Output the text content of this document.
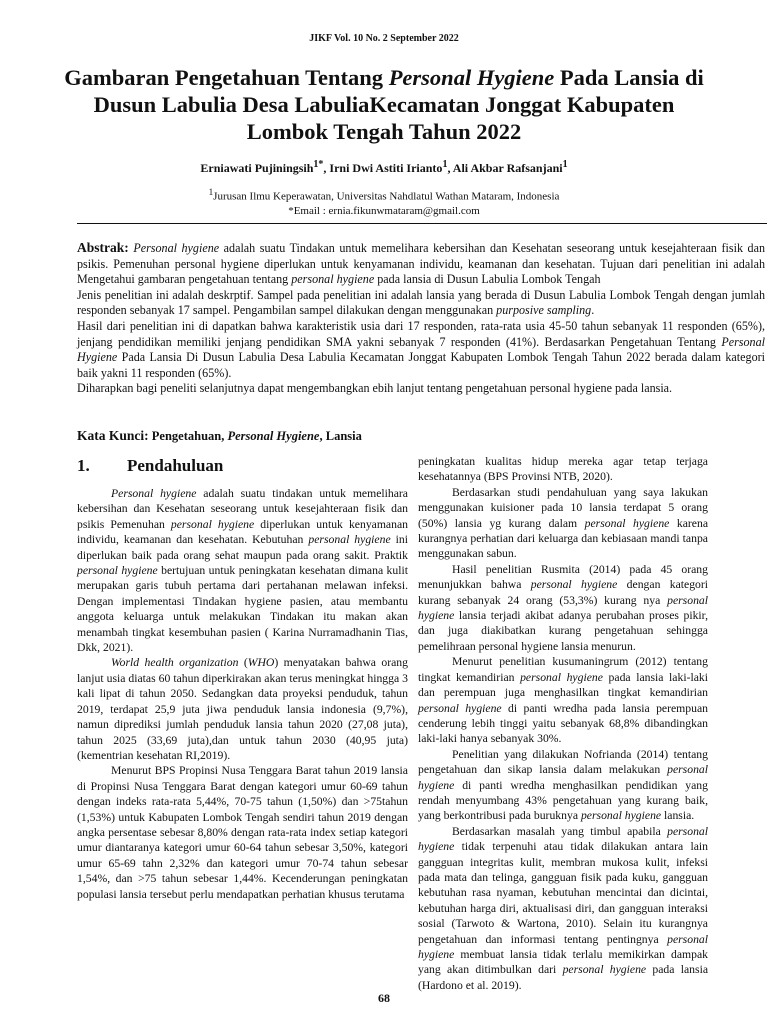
JIKF Vol. 10 No. 2 September 2022
Gambaran Pengetahuan Tentang Personal Hygiene Pada Lansia di Dusun Labulia Desa LabuliaKecamatan Jonggat Kabupaten Lombok Tengah Tahun 2022
Erniawati Pujiningsih$^{1*}$, Irni Dwi Astiti Irianto$^1$, Ali Akbar Rafsanjani$^1$
$^1$Jurusan Ilmu Keperawatan, Universitas Nahdlatul Wathan Mataram, Indonesia
*Email : ernia.fikunwmataram@gmail.com

Abstrak: Personal hygiene adalah suatu Tindakan untuk memelihara kebersihan dan Kesehatan seseorang untuk kesejahteraan fisik dan psikis. Pemenuhan personal hygiene diperlukan untuk kenyamanan individu, keamanan dan kesehatan. Tujuan dari penelitian ini adalah Mengetahui gambaran pengetahuan tentang personal hygiene pada lansia di Dusun Labulia Lombok Tengah

Jenis penelitian ini adalah deskrptif. Sampel pada penelitian ini adalah lansia yang berada di Dusun Labulia Lombok Tengah dengan jumlah responden sebanyak 17 sampel. Pengambilan sampel dilakukan dengan menggunakan purposive sampling.

Hasil dari penelitian ini di dapatkan bahwa karakteristik usia dari 17 responden, rata-rata usia 45-50 tahun sebanyak 11 responden (65%), jenjang pendidikan memiliki jenjang pendidikan SMA yakni sebanyak 7 responden (41%). Berdasarkan Pengetahuan Tentang Personal Hygiene Pada Lansia Di Dusun Labulia Desa Labulia Kecamatan Jonggat Kabupaten Lombok Tengah Tahun 2022 berada dalam kategori baik yakni 11 responden (65%).

Diharapkan bagi peneliti selanjutnya dapat mengembangkan ebih lanjut tentang pengetahuan personal hygiene pada lansia.

Kata Kunci: Pengetahuan, Personal Hygiene, Lansia
1. Pendahuluan

Personal hygiene adalah suatu tindakan untuk memelihara kebersihan dan Kesehatan seseorang untuk kesejahteraan fisik dan psikis Pemenuhan personal hygiene diperlukan untuk kenyamanan individu, keamanan dan kesehatan. Kebutuhan personal hygiene ini diperlukan baik pada orang sehat maupun pada orang sakit. Praktik personal hygiene bertujuan untuk peningkatan kesehatan dimana kulit merupakan garis tubuh pertama dari pertahanan melawan infeksi. Dengan implementasi Tindakan hygiene pasien, atau membantu anggota keluarga untuk melakukan Tindakan itu makan akan menambah tingkat kesembuhan pasien ( Karina Nurramadhanin Tias, Dkk, 2021).

World health organization (WHO) menyatakan bahwa orang lanjut usia diatas 60 tahun diperkirakan akan terus meningkat hingga 3 kali lipat di tahun 2050. Sedangkan data proyeksi penduduk, tahun 2019, terdapat 25,9 juta jiwa penduduk lansia indonesia (9,7%), namun diprediksi jumlah penduduk lansia tahun 2020 (27,08 juta), tahun 2025 (33,69 juta),dan untuk tahun 2030 (40,95 juta) (kementrian kesehatan RI,2019).

Menurut BPS Propinsi Nusa Tenggara Barat tahun 2019 lansia di Propinsi Nusa Tenggara Barat dengan kategori umur 60-69 tahun dengan indeks rata-rata 5,44%, 70-75 tahun (1,50%) dan >75tahun (1,53%) untuk Kabupaten Lombok Tengah sendiri tahun 2019 dengan angka persentase sebesar 8,80% dengan rata-rata index setiap kategori umur diantaranya kategori umur 60-64 tahun sebesar 3,50%, kategori umur 65-69 tahn 2,32% dan kategori umur 70-74 tahun sebesar 1,54%, dan >75 tahun sebesar 1,44%. Kecenderungan peningkatan populasi lansia tersebut perlu mendapatkan perhatian khusus terutama

peningkatan kualitas hidup mereka agar tetap terjaga kesehatannya (BPS Provinsi NTB, 2020).

Berdasarkan studi pendahuluan yang saya lakukan menggunakan kuisioner pada 10 lansia terdapat 5 orang (50%) lansia yg kurang dalam personal hygiene karena kurangnya perhatian dari keluarga dan kebiasaan mandi tanpa menggunakan sabun.

Hasil penelitian Rusmita (2014) pada 45 orang menunjukkan bahwa personal hygiene dengan kategori kurang sebanyak 24 orang (53,3%) kurang nya personal hygiene lansia terjadi akibat adanya perubahan proses pikir, dan juga diakibatkan kurang pengetahuan sehingga pemelihraan personal hygiene lansia menurun.

Menurut penelitian kusumaningrum (2012) tentang tingkat kemandirian personal hygiene pada lansia laki-laki dan perempuan juga menghasilkan tingkat kemandirian personal hygiene di panti wredha pada lansia perempuan cenderung lebih tinggi yaitu sebanyak 68,8% dibandingkan laki-laki hanya sebanyak 30%.

Penelitian yang dilakukan Nofrianda (2014) tentang pengetahuan dan sikap lansia dalam melakukan personal hygiene di panti wredha menghasilkan pendidikan yang rendah menyumbang 43% pengetahuan yang kurang baik, yang berkontribusi pada buruknya personal hygiene lansia.

Berdasarkan masalah yang timbul apabila personal hygiene tidak terpenuhi atau tidak dilakukan antara lain gangguan integritas kulit, membran mukosa kulit, infeksi pada mata dan telinga, gangguan fisik pada kuku, gangguan kebutuhan rasa nyaman, kebutuhan mencintai dan dicintai, kebutuhan harga diri, aktualisasi diri, dan gangguan interaksi sosial (Tarwoto & Wartona, 2010). Selain itu kurangnya pengetahuan dan informasi tentang pentingnya personal hygiene membuat lansia tidak terlalu memikirkan dampak yang akan ditimbulkan dari personal hygiene pada lansia (Hardono et al. 2019).

68
